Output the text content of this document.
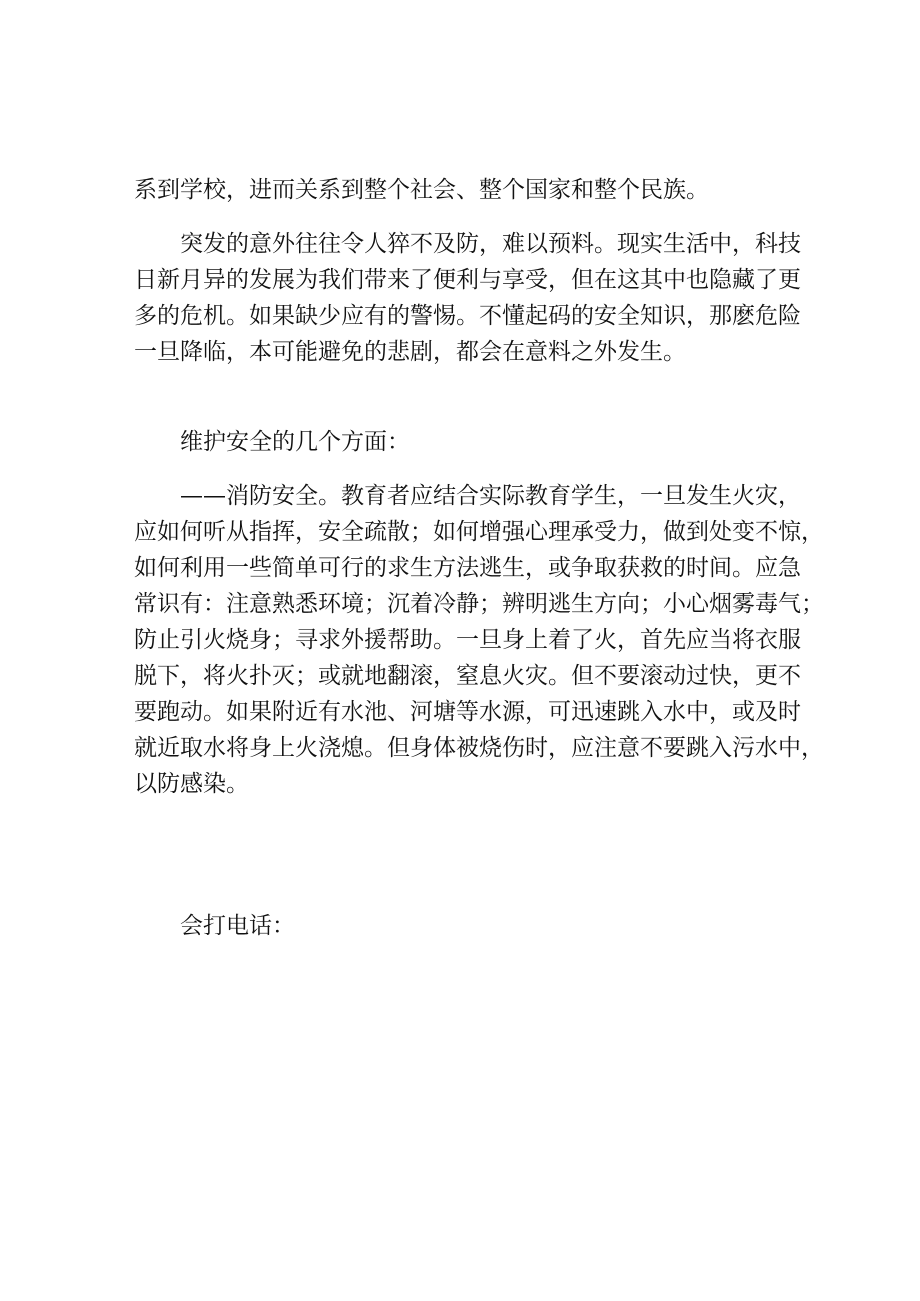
系到学校，进而关系到整个社会、整个国家和整个民族。
突发的意外往往令人猝不及防，难以预料。现实生活中，科技
日新月异的发展为我们带来了便利与享受，但在这其中也隐藏了更
多的危机。如果缺少应有的警惕。不懂起码的安全知识，那麽危险
一旦降临，本可能避免的悲剧，都会在意料之外发生。
维护安全的几个方面：
——消防安全。教育者应结合实际教育学生，一旦发生火灾，
应如何听从指挥，安全疏散；如何增强心理承受力，做到处变不惊，
如何利用一些简单可行的求生方法逃生，或争取获救的时间。应急
常识有：注意熟悉环境；沉着冷静；辨明逃生方向；小心烟雾毒气；
防止引火烧身；寻求外援帮助。一旦身上着了火，首先应当将衣服
脱下，将火扑灭；或就地翻滚，窒息火灾。但不要滚动过快，更不
要跑动。如果附近有水池、河塘等水源，可迅速跳入水中，或及时
就近取水将身上火浇熄。但身体被烧伤时，应注意不要跳入污水中，
以防感染。
会打电话：
